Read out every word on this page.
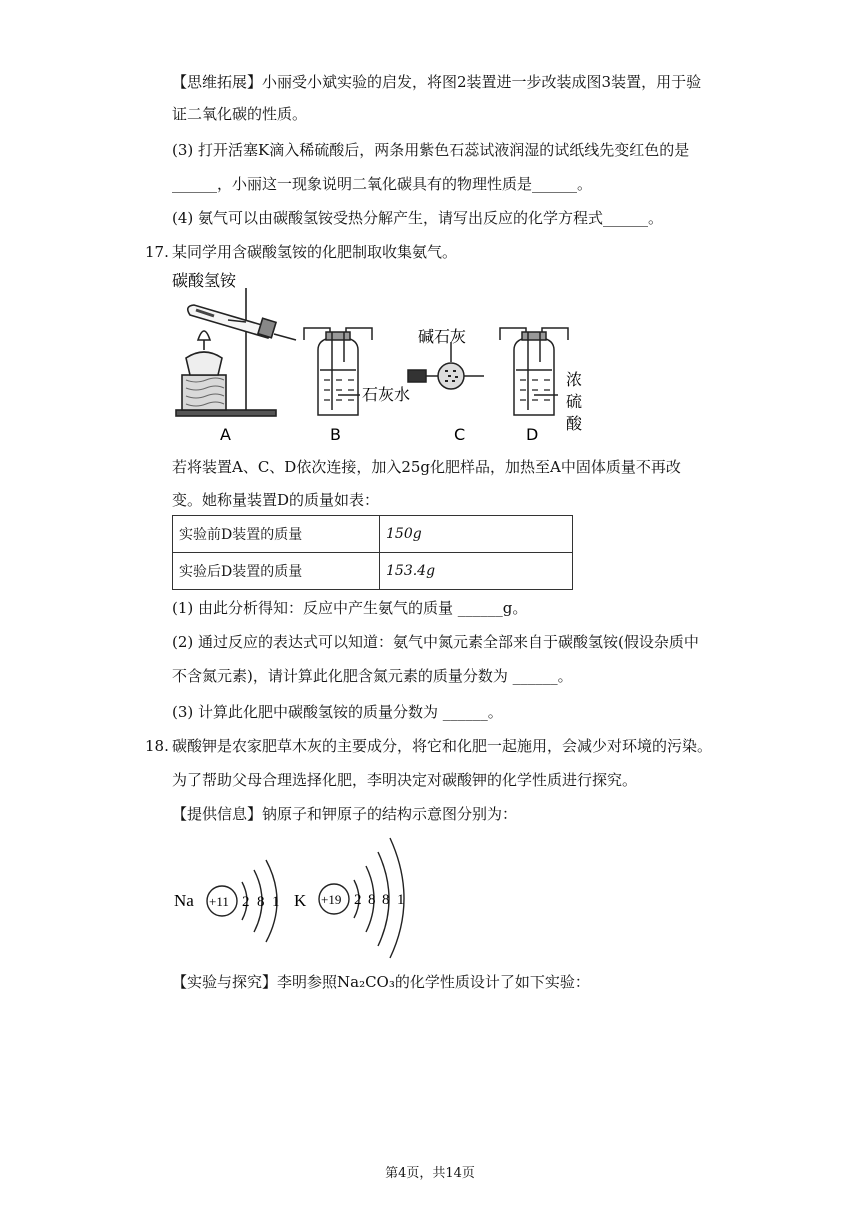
【思维拓展】小丽受小斌实验的启发，将图2装置进一步改装成图3装置，用于验
证二氧化碳的性质。
(3) 打开活塞K滴入稀硫酸后，两条用紫色石蕊试液润湿的试纸线先变红色的是
______，小丽这一现象说明二氧化碳具有的物理性质是______。
(4) 氨气可以由碳酸氢铵受热分解产生，请写出反应的化学方程式______。
17. 某同学用含碳酸氢铵的化肥制取收集氨气。
碳酸氢铵
A
石灰水
B
碱石灰
C
浓
硫
酸
D
若将装置A、C、D依次连接，加入25g化肥样品，加热至A中固体质量不再改
变。她称量装置D的质量如表：
实验前D装置的质量	150g
实验后D装置的质量	153.4g
(1) 由此分析得知：反应中产生氨气的质量 ______g。
(2) 通过反应的表达式可以知道：氨气中氮元素全部来自于碳酸氢铵(假设杂质中
不含氮元素)，请计算此化肥含氮元素的质量分数为 ______。
(3) 计算此化肥中碳酸氢铵的质量分数为 ______。
18. 碳酸钾是农家肥草木灰的主要成分，将它和化肥一起施用，会减少对环境的污染。
为了帮助父母合理选择化肥，李明决定对碳酸钾的化学性质进行探究。
【提供信息】钠原子和钾原子的结构示意图分别为：
Na +11 2 8 1 K +19 2 8 8 1
【实验与探究】李明参照Na₂CO₃的化学性质设计了如下实验：
第4页，共14页
